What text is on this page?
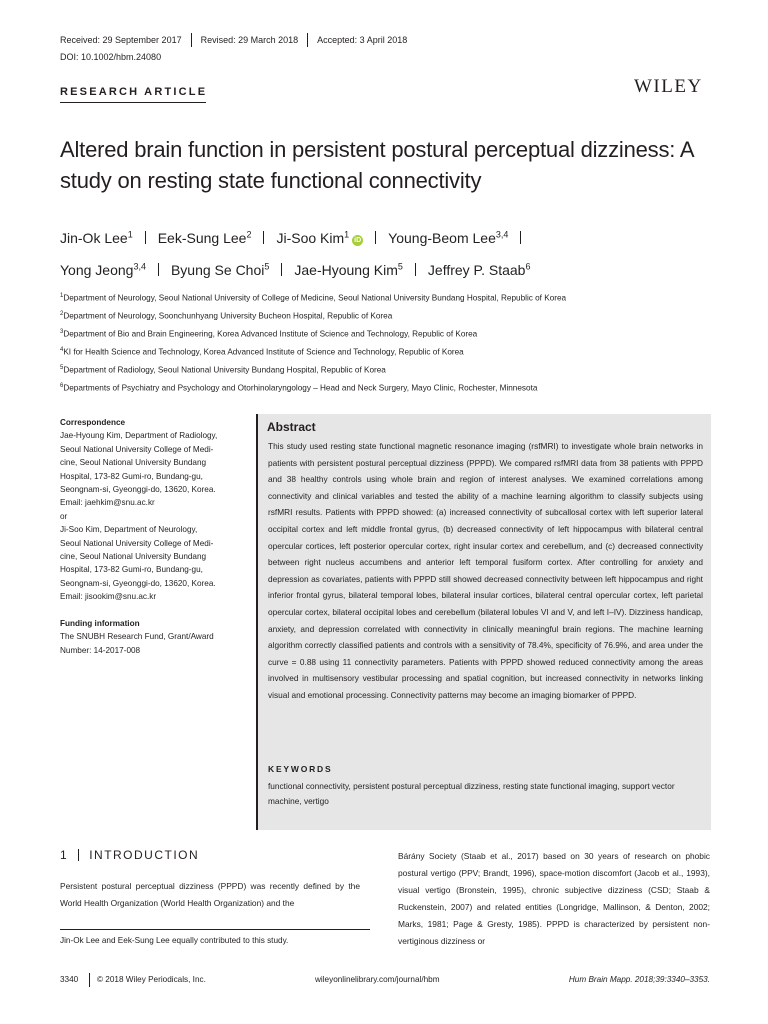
Received: 29 September 2017 Revised: 29 March 2018 Accepted: 3 April 2018
DOI: 10.1002/hbm.24080
RESEARCH ARTICLE	WILEY
Altered brain function in persistent postural perceptual dizziness: A study on resting state functional connectivity
Jin-Ok Lee$^1$ Eek-Sung Lee$^2$ Ji-Soo Kim$^1$iD Young-Beom Lee$^{3,4}$
Yong Jeong$^{3,4}$ Byung Se Choi$^5$ Jae-Hyoung Kim$^5$ Jeffrey P. Staab$^6$
$^1$Department of Neurology, Seoul National University of College of Medicine, Seoul National University Bundang Hospital, Republic of Korea
$^2$Department of Neurology, Soonchunhyang University Bucheon Hospital, Republic of Korea
$^3$Department of Bio and Brain Engineering, Korea Advanced Institute of Science and Technology, Republic of Korea
$^4$KI for Health Science and Technology, Korea Advanced Institute of Science and Technology, Republic of Korea
$^5$Department of Radiology, Seoul National University Bundang Hospital, Republic of Korea
$^6$Departments of Psychiatry and Psychology and Otorhinolaryngology – Head and Neck Surgery, Mayo Clinic, Rochester, Minnesota
Correspondence
Jae-Hyoung Kim, Department of Radiology,
Seoul National University College of Medi-
cine, Seoul National University Bundang
Hospital, 173-82 Gumi-ro, Bundang-gu,
Seongnam-si, Gyeonggi-do, 13620, Korea.
Email: jaehkim@snu.ac.kr
or
Ji-Soo Kim, Department of Neurology,
Seoul National University College of Medi-
cine, Seoul National University Bundang
Hospital, 173-82 Gumi-ro, Bundang-gu,
Seongnam-si, Gyeonggi-do, 13620, Korea.
Email: jisookim@snu.ac.kr
Funding information
The SNUBH Research Fund, Grant/Award
Number: 14-2017-008
Abstract
This study used resting state functional magnetic resonance imaging (rsfMRI) to investigate whole brain networks in patients with persistent postural perceptual dizziness (PPPD). We compared rsfMRI data from 38 patients with PPPD and 38 healthy controls using whole brain and region of interest analyses. We examined correlations among connectivity and clinical variables and tested the ability of a machine learning algorithm to classify subjects using rsfMRI results. Patients with PPPD showed: (a) increased connectivity of subcallosal cortex with left superior lateral occipital cortex and left middle frontal gyrus, (b) decreased connectivity of left hippocampus with bilateral central opercular cortices, left posterior opercular cortex, right insular cortex and cerebellum, and (c) decreased connectivity between right nucleus accumbens and anterior left temporal fusiform cortex. After controlling for anxiety and depression as covariates, patients with PPPD still showed decreased connectivity between left hippocampus and right inferior frontal gyrus, bilateral temporal lobes, bilateral insular cortices, bilateral central opercular cortex, left parietal opercular cortex, bilateral occipital lobes and cerebellum (bilateral lobules VI and V, and left I–IV). Dizziness handicap, anxiety, and depression correlated with connectivity in clinically meaningful brain regions. The machine learning algorithm correctly classified patients and controls with a sensitivity of 78.4%, specificity of 76.9%, and area under the curve = 0.88 using 11 connectivity parameters. Patients with PPPD showed reduced connectivity among the areas involved in multisensory vestibular processing and spatial cognition, but increased connectivity in networks linking visual and emotional processing. Connectivity patterns may become an imaging biomarker of PPPD.
KEYWORDS
functional connectivity, persistent postural perceptual dizziness, resting state functional imaging, support vector machine, vertigo
1 INTRODUCTION
Persistent postural perceptual dizziness (PPPD) was recently defined by the World Health Organization (World Health Organization) and the
Bárány Society (Staab et al., 2017) based on 30 years of research on phobic postural vertigo (PPV; Brandt, 1996), space-motion discomfort (Jacob et al., 1993), visual vertigo (Bronstein, 1995), chronic subjective dizziness (CSD; Staab & Ruckenstein, 2007) and related entities (Longridge, Mallinson, & Denton, 2002; Marks, 1981; Page & Gresty, 1985). PPPD is characterized by persistent non-vertiginous dizziness or
Jin-Ok Lee and Eek-Sung Lee equally contributed to this study.
3340 © 2018 Wiley Periodicals, Inc.	wileyonlinelibrary.com/journal/hbm	Hum Brain Mapp. 2018;39:3340–3353.
